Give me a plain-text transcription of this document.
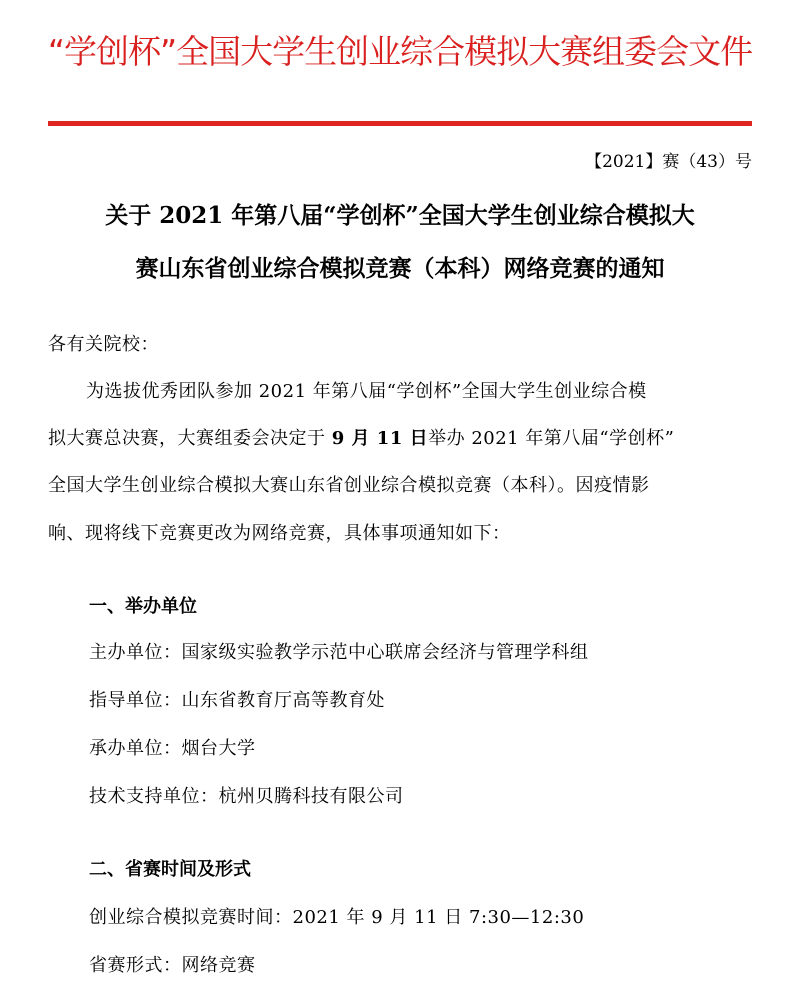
“学创杯”全国大学生创业综合模拟大赛组委会文件
【2021】赛（43）号
关于 2021 年第八届“学创杯”全国大学生创业综合模拟大
赛山东省创业综合模拟竞赛（本科）网络竞赛的通知
各有关院校：
为选拔优秀团队参加 2021 年第八届“学创杯”全国大学生创业综合模
拟大赛总决赛，大赛组委会决定于 9 月 11 日举办 2021 年第八届“学创杯”
全国大学生创业综合模拟大赛山东省创业综合模拟竞赛（本科）。因疫情影
响、现将线下竞赛更改为网络竞赛，具体事项通知如下：
一、举办单位
主办单位：国家级实验教学示范中心联席会经济与管理学科组
指导单位：山东省教育厅高等教育处
承办单位：烟台大学
技术支持单位：杭州贝腾科技有限公司
二、省赛时间及形式
创业综合模拟竞赛时间：2021 年 9 月 11 日 7:30—12:30
省赛形式：网络竞赛
